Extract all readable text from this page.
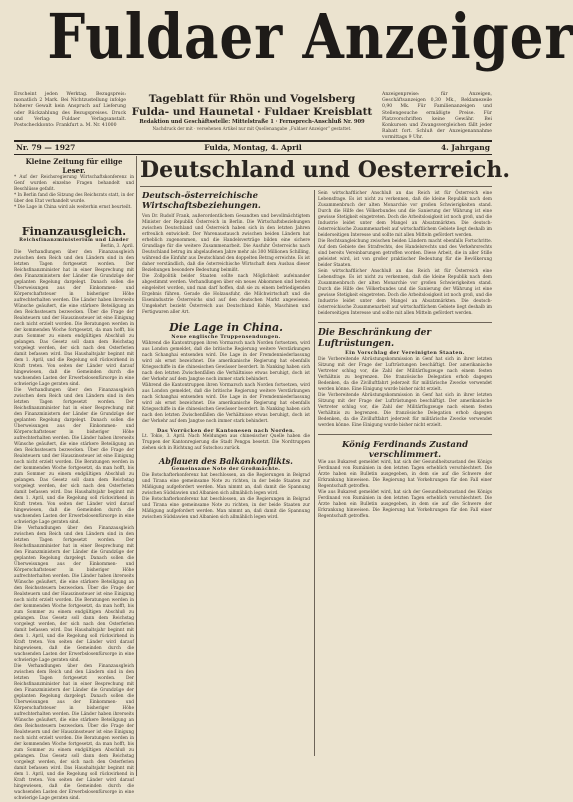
Fuldaer Anzeiger
Erscheint jeden Werktag. Bezugspreis: monatlich 2 Mark. Bei Nichtzustellung infolge höherer Gewalt kein Anspruch auf Lieferung oder Rückzahlung des Bezugspreises. Druck und Verlag: Fuldaer Verlagsanstalt. Postscheckkonto: Frankfurt a. M. Nr. 41000
Tageblatt für Rhön und Vogelsberg
Fulda- und Haunetal · Fuldaer Kreisblatt
Redaktion und Geschäftsstelle: Mittelstraße 1 · Fernsprech-Anschluß Nr. 909
Nachdruck der mit · versehenen Artikel nur mit Quellenangabe „Fuldaer Anzeiger“ gestattet.
Anzeigenpreise: für Anzeigen, Geschäftsanzeigen 0,30 Mk., Reklamezeile 0,90 Mk. Für Familienanzeigen und Stellengesuche ermäßigte Preise. Für Platzvorschriften keine Gewähr. Bei Konkursen und Zwangsvergleichen fällt jeder Rabatt fort. Schluß der Anzeigenannahme vormittags 9 Uhr.
Nr. 79 — 1927	Fulda, Montag, 4. April	4. Jahrgang
Kleine Zeitung für eilige Leser.

* Auf der Reichsregierung Wirtschaftskonferenz in Genf wurden einzelne Fragen behandelt und Beschlüsse gefaßt.

* In Berlin fand die Sitzung des Reichsrats statt, in der über den Etat verhandelt wurde.

* Die Lage in China wird als weiterhin ernst beurteilt.

Finanzausgleich.
Reichsfinanzministerium und Länder
Berlin, 3. April.

Die Verhandlungen über den Finanzausgleich zwischen dem Reich und den Ländern sind in den letzten Tagen fortgesetzt worden. Der Reichsfinanzminister hat in einer Besprechung mit den Finanzministern der Länder die Grundzüge der geplanten Regelung dargelegt. Danach sollen die Überweisungen aus der Einkommen- und Körperschaftsteuer in bisheriger Höhe aufrechterhalten werden. Die Länder haben ihrerseits Wünsche geäußert, die eine stärkere Beteiligung an den Reichssteuern bezwecken. Über die Frage der Realsteuern und der Hauszinssteuer ist eine Einigung noch nicht erzielt worden. Die Beratungen werden in der kommenden Woche fortgesetzt, da man hofft, bis zum Sommer zu einem endgültigen Abschluß zu gelangen. Das Gesetz soll dann dem Reichstag vorgelegt werden, der sich nach den Osterferien damit befassen wird. Das Haushaltsjahr beginnt mit dem 1. April, und die Regelung soll rückwirkend in Kraft treten. Von seiten der Länder wird darauf hingewiesen, daß die Gemeinden durch die wachsenden Lasten der Erwerbslosenfürsorge in eine schwierige Lage geraten sind.

Die Verhandlungen über den Finanzausgleich zwischen dem Reich und den Ländern sind in den letzten Tagen fortgesetzt worden. Der Reichsfinanzminister hat in einer Besprechung mit den Finanzministern der Länder die Grundzüge der geplanten Regelung dargelegt. Danach sollen die Überweisungen aus der Einkommen- und Körperschaftsteuer in bisheriger Höhe aufrechterhalten werden. Die Länder haben ihrerseits Wünsche geäußert, die eine stärkere Beteiligung an den Reichssteuern bezwecken. Über die Frage der Realsteuern und der Hauszinssteuer ist eine Einigung noch nicht erzielt worden. Die Beratungen werden in der kommenden Woche fortgesetzt, da man hofft, bis zum Sommer zu einem endgültigen Abschluß zu gelangen. Das Gesetz soll dann dem Reichstag vorgelegt werden, der sich nach den Osterferien damit befassen wird. Das Haushaltsjahr beginnt mit dem 1. April, und die Regelung soll rückwirkend in Kraft treten. Von seiten der Länder wird darauf hingewiesen, daß die Gemeinden durch die wachsenden Lasten der Erwerbslosenfürsorge in eine schwierige Lage geraten sind.

Die Verhandlungen über den Finanzausgleich zwischen dem Reich und den Ländern sind in den letzten Tagen fortgesetzt worden. Der Reichsfinanzminister hat in einer Besprechung mit den Finanzministern der Länder die Grundzüge der geplanten Regelung dargelegt. Danach sollen die Überweisungen aus der Einkommen- und Körperschaftsteuer in bisheriger Höhe aufrechterhalten werden. Die Länder haben ihrerseits Wünsche geäußert, die eine stärkere Beteiligung an den Reichssteuern bezwecken. Über die Frage der Realsteuern und der Hauszinssteuer ist eine Einigung noch nicht erzielt worden. Die Beratungen werden in der kommenden Woche fortgesetzt, da man hofft, bis zum Sommer zu einem endgültigen Abschluß zu gelangen. Das Gesetz soll dann dem Reichstag vorgelegt werden, der sich nach den Osterferien damit befassen wird. Das Haushaltsjahr beginnt mit dem 1. April, und die Regelung soll rückwirkend in Kraft treten. Von seiten der Länder wird darauf hingewiesen, daß die Gemeinden durch die wachsenden Lasten der Erwerbslosenfürsorge in eine schwierige Lage geraten sind.

Die Verhandlungen über den Finanzausgleich zwischen dem Reich und den Ländern sind in den letzten Tagen fortgesetzt worden. Der Reichsfinanzminister hat in einer Besprechung mit den Finanzministern der Länder die Grundzüge der geplanten Regelung dargelegt. Danach sollen die Überweisungen aus der Einkommen- und Körperschaftsteuer in bisheriger Höhe aufrechterhalten werden. Die Länder haben ihrerseits Wünsche geäußert, die eine stärkere Beteiligung an den Reichssteuern bezwecken. Über die Frage der Realsteuern und der Hauszinssteuer ist eine Einigung noch nicht erzielt worden. Die Beratungen werden in der kommenden Woche fortgesetzt, da man hofft, bis zum Sommer zu einem endgültigen Abschluß zu gelangen. Das Gesetz soll dann dem Reichstag vorgelegt werden, der sich nach den Osterferien damit befassen wird. Das Haushaltsjahr beginnt mit dem 1. April, und die Regelung soll rückwirkend in Kraft treten. Von seiten der Länder wird darauf hingewiesen, daß die Gemeinden durch die wachsenden Lasten der Erwerbslosenfürsorge in eine schwierige Lage geraten sind.

Deutschland und Oesterreich.
Deutsch-österreichische Wirtschaftsbeziehungen.
Von Dr. Rudolf Frank, außerordentlichem Gesandten und bevollmächtigtem Minister der Republik Österreich in Berlin. Die Wirtschaftsbeziehungen zwischen Deutschland und Österreich haben sich in den letzten Jahren erfreulich entwickelt. Der Warenaustausch zwischen beiden Ländern hat erheblich zugenommen, und die Handelsverträge bilden eine sichere Grundlage für die weitere Zusammenarbeit. Die Ausfuhr Österreichs nach Deutschland betrug im abgelaufenen Jahre mehr als 300 Millionen Schilling, während die Einfuhr aus Deutschland den doppelten Betrag erreichte. Es ist daher verständlich, daß die österreichische Wirtschaft dem Ausbau dieser Beziehungen besondere Bedeutung beimißt.
Die Zollpolitik beider Staaten sollte nach Möglichkeit aufeinander abgestimmt werden. Verhandlungen über ein neues Abkommen sind bereits eingeleitet worden, und man darf hoffen, daß sie zu einem befriedigenden Ergebnis führen. Gerade die Holzausfuhr, die Milchwirtschaft und die Eisenindustrie Österreichs sind auf den deutschen Markt angewiesen. Umgekehrt bezieht Österreich aus Deutschland Kohle, Maschinen und Fertigwaren aller Art.
Die Lage in China.
Neue englische Truppensendungen.
Während die Kantontruppen ihren Vormarsch nach Norden fortsetzen, wird aus London gemeldet, daß die britische Regierung weitere Verstärkungen nach Schanghai entsenden wird. Die Lage in der Fremdenniederlassung wird als ernst bezeichnet. Die amerikanische Regierung hat ebenfalls Kriegsschiffe in die chinesischen Gewässer beordert. In Nanking haben sich nach den letzten Zwischenfällen die Verhältnisse etwas beruhigt, doch ist der Verkehr auf dem Jangtse noch immer stark behindert.
Während die Kantontruppen ihren Vormarsch nach Norden fortsetzen, wird aus London gemeldet, daß die britische Regierung weitere Verstärkungen nach Schanghai entsenden wird. Die Lage in der Fremdenniederlassung wird als ernst bezeichnet. Die amerikanische Regierung hat ebenfalls Kriegsschiffe in die chinesischen Gewässer beordert. In Nanking haben sich nach den letzten Zwischenfällen die Verhältnisse etwas beruhigt, doch ist der Verkehr auf dem Jangtse noch immer stark behindert.
Das Vorrücken der Kantonesen nach Norden.
Lt. Tokio, 3. April. Nach Meldungen aus chinesischer Quelle haben die Truppen der Kantonregierung die Stadt Pengpu besetzt. Die Nordtruppen ziehen sich in Richtung auf Sutschou zurück.
Abflauen des Balkankonflikts.
Gemeinsame Note der Großmächte.
Die Botschafterkonferenz hat beschlossen, an die Regierungen in Belgrad und Tirana eine gemeinsame Note zu richten, in der beide Staaten zur Mäßigung aufgefordert werden. Man nimmt an, daß damit die Spannung zwischen Südslawien und Albanien sich allmählich legen wird.
Die Botschafterkonferenz hat beschlossen, an die Regierungen in Belgrad und Tirana eine gemeinsame Note zu richten, in der beide Staaten zur Mäßigung aufgefordert werden. Man nimmt an, daß damit die Spannung zwischen Südslawien und Albanien sich allmählich legen wird.
Sein wirtschaftlicher Anschluß an das Reich ist für Österreich eine Lebensfrage. Es ist nicht zu verkennen, daß die kleine Republik nach dem Zusammenbruch der alten Monarchie vor großen Schwierigkeiten stand. Durch die Hilfe des Völkerbundes und die Sanierung der Währung ist eine gewisse Stetigkeit eingetreten. Doch die Arbeitslosigkeit ist noch groß, und die Industrie leidet unter dem Mangel an Absatzmärkten. Die deutsch-österreichische Zusammenarbeit auf wirtschaftlichem Gebiete liegt deshalb im beiderseitigen Interesse und sollte mit allen Mitteln gefördert werden.
Die Rechtsangleichung zwischen beiden Ländern macht ebenfalls Fortschritte. Auf dem Gebiete des Strafrechts, des Handelsrechts und des Verkehrsrechts sind bereits Vereinbarungen getroffen worden. Diese Arbeit, die in aller Stille geleistet wird, ist von großer praktischer Bedeutung für die Bevölkerung beider Staaten.
Sein wirtschaftlicher Anschluß an das Reich ist für Österreich eine Lebensfrage. Es ist nicht zu verkennen, daß die kleine Republik nach dem Zusammenbruch der alten Monarchie vor großen Schwierigkeiten stand. Durch die Hilfe des Völkerbundes und die Sanierung der Währung ist eine gewisse Stetigkeit eingetreten. Doch die Arbeitslosigkeit ist noch groß, und die Industrie leidet unter dem Mangel an Absatzmärkten. Die deutsch-österreichische Zusammenarbeit auf wirtschaftlichem Gebiete liegt deshalb im beiderseitigen Interesse und sollte mit allen Mitteln gefördert werden.
Die Beschränkung der Luftrüstungen.
Ein Vorschlag der Vereinigten Staaten.
Die Vorbereitende Abrüstungskommission in Genf hat sich in ihrer letzten Sitzung mit der Frage der Luftrüstungen beschäftigt. Der amerikanische Vertreter schlug vor, die Zahl der Militärflugzeuge nach einem festen Verhältnis zu begrenzen. Die französische Delegation erhob dagegen Bedenken, da die Zivilluftfahrt jederzeit für militärische Zwecke verwendet werden könne. Eine Einigung wurde bisher nicht erzielt.
Die Vorbereitende Abrüstungskommission in Genf hat sich in ihrer letzten Sitzung mit der Frage der Luftrüstungen beschäftigt. Der amerikanische Vertreter schlug vor, die Zahl der Militärflugzeuge nach einem festen Verhältnis zu begrenzen. Die französische Delegation erhob dagegen Bedenken, da die Zivilluftfahrt jederzeit für militärische Zwecke verwendet werden könne. Eine Einigung wurde bisher nicht erzielt.
König Ferdinands Zustand verschlimmert.
Wie aus Bukarest gemeldet wird, hat sich der Gesundheitszustand des Königs Ferdinand von Rumänien in den letzten Tagen erheblich verschlechtert. Die Ärzte haben ein Bulletin ausgegeben, in dem sie auf die Schwere der Erkrankung hinweisen. Die Regierung hat Vorkehrungen für den Fall einer Regentschaft getroffen.
Wie aus Bukarest gemeldet wird, hat sich der Gesundheitszustand des Königs Ferdinand von Rumänien in den letzten Tagen erheblich verschlechtert. Die Ärzte haben ein Bulletin ausgegeben, in dem sie auf die Schwere der Erkrankung hinweisen. Die Regierung hat Vorkehrungen für den Fall einer Regentschaft getroffen.
